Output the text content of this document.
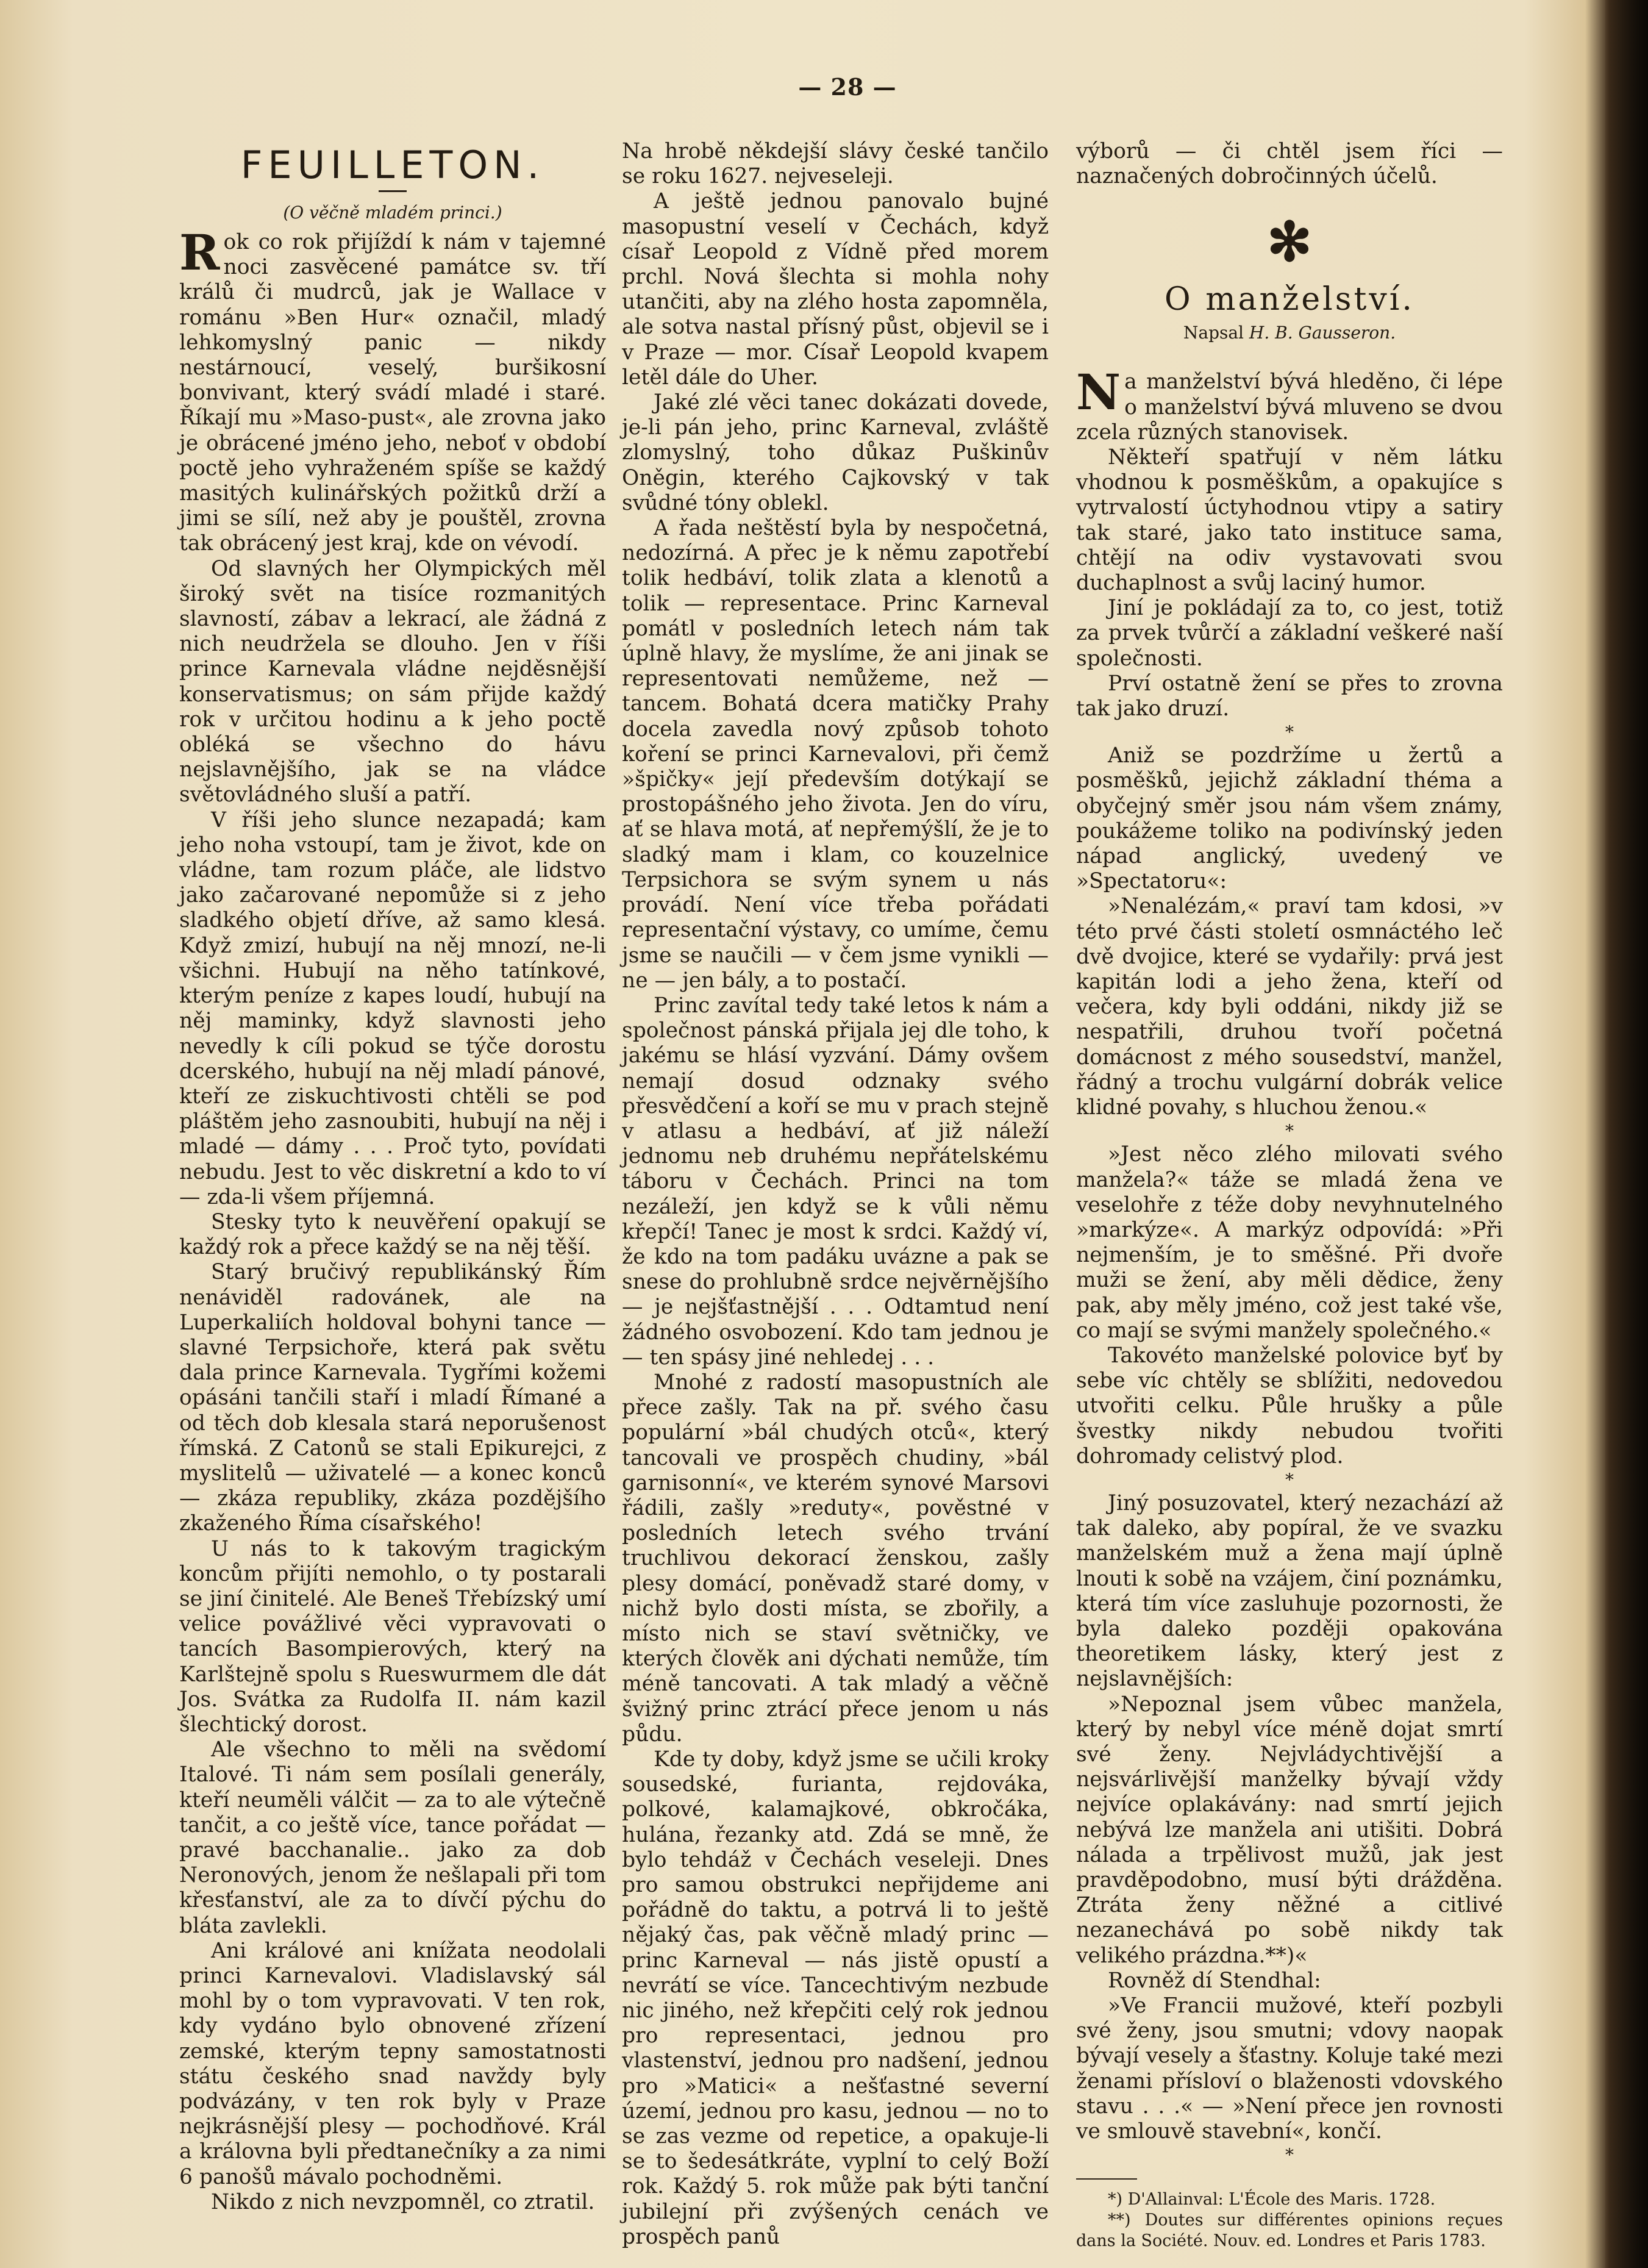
— 28 —
FEUILLETON.
(O věčně mladém princi.)

Rok co rok přijíždí k nám v tajemné noci zasvěcené památce sv. tří králů či mudrců, jak je Wallace v románu »Ben Hur« označil, mladý lehkomyslný panic — nikdy nestárnoucí, veselý, buršikosní bonvivant, který svádí mladé i staré. Říkají mu »Maso-pust«, ale zrovna jako je obrácené jméno jeho, neboť v období poctě jeho vyhraženém spíše se každý masitých kulinářských požitků drží a jimi se sílí, než aby je pouštěl, zrovna tak obrácený jest kraj, kde on vévodí.

Od slavných her Olympických měl široký svět na tisíce rozmanitých slavností, zábav a lekrací, ale žádná z nich neudržela se dlouho. Jen v říši prince Karnevala vládne nejděsnější konservatismus; on sám přijde každý rok v určitou hodinu a k jeho poctě obléká se všechno do hávu nejslavnějšího, jak se na vládce světovládného sluší a patří.

V říši jeho slunce nezapadá; kam jeho noha vstoupí, tam je život, kde on vládne, tam rozum pláče, ale lidstvo jako začarované nepomůže si z jeho sladkého objetí dříve, až samo klesá. Když zmizí, hubují na něj mnozí, ne-li všichni. Hubují na něho tatínkové, kterým peníze z kapes loudí, hubují na něj maminky, když slavnosti jeho nevedly k cíli pokud se týče dorostu dcerského, hubují na něj mladí pánové, kteří ze ziskuchtivosti chtěli se pod pláštěm jeho zasnoubiti, hubují na něj i mladé — dámy . . . Proč tyto, povídati nebudu. Jest to věc diskretní a kdo to ví — zda-li všem příjemná.

Stesky tyto k neuvěření opakují se každý rok a přece každý se na něj těší.

Starý bručivý republikánský Řím nenáviděl radovánek, ale na Luperkaliích holdoval bohyni tance — slavné Terpsichoře, která pak světu dala prince Karnevala. Tygřími kožemi opásáni tančili staří i mladí Římané a od těch dob klesala stará neporušenost římská. Z Catonů se stali Epikurejci, z myslitelů — uživatelé — a konec konců — zkáza republiky, zkáza pozdějšího zkaženého Říma císařského!

U nás to k takovým tragickým koncům přijíti nemohlo, o ty postarali se jiní činitelé. Ale Beneš Třebízský umí velice povážlivé věci vypravovati o tancích Basompierových, který na Karlštejně spolu s Rueswurmem dle dát Jos. Svátka za Rudolfa II. nám kazil šlechtický dorost.

Ale všechno to měli na svědomí Italové. Ti nám sem posílali generály, kteří neuměli válčit — za to ale výtečně tančit, a co ještě více, tance pořádat — pravé bacchanalie.. jako za dob Neronových, jenom že nešlapali při tom křesťanství, ale za to dívčí pýchu do bláta zavlekli.

Ani králové ani knížata neodolali princi Karnevalovi. Vladislavský sál mohl by o tom vypravovati. V ten rok, kdy vydáno bylo obnovené zřízení zemské, kterým tepny samostatnosti státu českého snad navždy byly podvázány, v ten rok byly v Praze nejkrásnější plesy — pochodňové. Král a královna byli předtanečníky a za nimi 6 panošů mávalo pochodněmi.

Nikdo z nich nevzpomněl, co ztratil.

Na hrobě někdejší slávy české tančilo se roku 1627. nejveseleji.

A ještě jednou panovalo bujné masopustní veselí v Čechách, když císař Leopold z Vídně před morem prchl. Nová šlechta si mohla nohy utančiti, aby na zlého hosta zapomněla, ale sotva nastal přísný půst, objevil se i v Praze — mor. Císař Leopold kvapem letěl dále do Uher.

Jaké zlé věci tanec dokázati dovede, je-li pán jeho, princ Karneval, zvláště zlomyslný, toho důkaz Puškinův Oněgin, kterého Cajkovský v tak svůdné tóny oblekl.

A řada neštěstí byla by nespočetná, nedozírná. A přec je k němu zapotřebí tolik hedbáví, tolik zlata a klenotů a tolik — representace. Princ Karneval pomátl v posledních letech nám tak úplně hlavy, že myslíme, že ani jinak se representovati nemůžeme, než — tancem. Bohatá dcera matičky Prahy docela zavedla nový způsob tohoto koření se princi Karnevalovi, při čemž »špičky« její především dotýkají se prostopášného jeho života. Jen do víru, ať se hlava motá, ať nepřemýšlí, že je to sladký mam i klam, co kouzelnice Terpsichora se svým synem u nás provádí. Není více třeba pořádati representační výstavy, co umíme, čemu jsme se naučili — v čem jsme vynikli — ne — jen bály, a to postačí.

Princ zavítal tedy také letos k nám a společnost pánská přijala jej dle toho, k jakému se hlásí vyzvání. Dámy ovšem nemají dosud odznaky svého přesvědčení a koří se mu v prach stejně v atlasu a hedbáví, ať již náleží jednomu neb druhému nepřátelskému táboru v Čechách. Princi na tom nezáleží, jen když se k vůli němu křepčí! Tanec je most k srdci. Každý ví, že kdo na tom padáku uvázne a pak se snese do prohlubně srdce nejvěrnějšího — je nejšťastnější . . . Odtamtud není žádného osvobození. Kdo tam jednou je — ten spásy jiné nehledej . . .

Mnohé z radostí masopustních ale přece zašly. Tak na př. svého času populární »bál chudých otců«, který tancovali ve prospěch chudiny, »bál garnisonní«, ve kterém synové Marsovi řádili, zašly »reduty«, pověstné v posledních letech svého trvání truchlivou dekorací ženskou, zašly plesy domácí, poněvadž staré domy, v nichž bylo dosti místa, se zbořily, a místo nich se staví světničky, ve kterých člověk ani dýchati nemůže, tím méně tancovati. A tak mladý a věčně švižný princ ztrácí přece jenom u nás půdu.

Kde ty doby, když jsme se učili kroky sousedské, furianta, rejdováka, polkové, kalamajkové, obkročáka, hulána, řezanky atd. Zdá se mně, že bylo tehdáž v Čechách veseleji. Dnes pro samou obstrukci nepřijdeme ani pořádně do taktu, a potrvá li to ještě nějaký čas, pak věčně mladý princ — princ Karneval — nás jistě opustí a nevrátí se více. Tancechtivým nezbude nic jiného, než křepčiti celý rok jednou pro representaci, jednou pro vlastenství, jednou pro nadšení, jednou pro »Matici« a nešťastné severní území, jednou pro kasu, jednou — no to se zas vezme od repetice, a opakuje-li se to šedesátkráte, vyplní to celý Boží rok. Každý 5. rok může pak býti tanční jubilejní při zvýšených cenách ve prospěch panů

výborů — či chtěl jsem říci — naznačených dobročinných účelů.

✻
O manželství.
Napsal H. B. Gausseron.

Na manželství bývá hleděno, či lépe o manželství bývá mluveno se dvou zcela různých stanovisek.

Někteří spatřují v něm látku vhodnou k posměškům, a opakujíce s vytrvalostí úctyhodnou vtipy a satiry tak staré, jako tato instituce sama, chtějí na odiv vystavovati svou duchaplnost a svůj laciný humor.

Jiní je pokládají za to, co jest, totiž za prvek tvůrčí a základní veškeré naší společnosti.

Prví ostatně žení se přes to zrovna tak jako druzí.

*

Aniž se pozdržíme u žertů a posměšků, jejichž základní théma a obyčejný směr jsou nám všem známy, poukážeme toliko na podivínský jeden nápad anglický, uvedený ve »Spectatoru«:

»Nenalézám,« praví tam kdosi, »v této prvé části století osmnáctého leč dvě dvojice, které se vydařily: prvá jest kapitán lodi a jeho žena, kteří od večera, kdy byli oddáni, nikdy již se nespatřili, druhou tvoří početná domácnost z mého sousedství, manžel, řádný a trochu vulgární dobrák velice klidné povahy, s hluchou ženou.«

*

»Jest něco zlého milovati svého manžela?« táže se mladá žena ve veselohře z téže doby nevyhnutelného »markýze«. A markýz odpovídá: »Při nejmenším, je to směšné. Při dvoře muži se žení, aby měli dědice, ženy pak, aby měly jméno, což jest také vše, co mají se svými manžely společného.«

Takovéto manželské polovice byť by sebe víc chtěly se sblížiti, nedovedou utvořiti celku. Půle hrušky a půle švestky nikdy nebudou tvořiti dohromady celistvý plod.

*

Jiný posuzovatel, který nezachází až tak daleko, aby popíral, že ve svazku manželském muž a žena mají úplně lnouti k sobě na vzájem, činí poznámku, která tím více zasluhuje pozornosti, že byla daleko později opakována theoretikem lásky, který jest z nejslavnějších:

»Nepoznal jsem vůbec manžela, který by nebyl více méně dojat smrtí své ženy. Nejvládychtivější a nejsvárlivější manželky bývají vždy nejvíce oplakávány: nad smrtí jejich nebývá lze manžela ani utišiti. Dobrá nálada a trpělivost mužů, jak jest pravděpodobno, musí býti drážděna. Ztráta ženy něžné a citlivé nezanechává po sobě nikdy tak velikého prázdna.**)«

Rovněž dí Stendhal:

»Ve Francii mužové, kteří pozbyli své ženy, jsou smutni; vdovy naopak bývají vesely a šťastny. Koluje také mezi ženami přísloví o blaženosti vdovského stavu . . .« — »Není přece jen rovnosti ve smlouvě stavební«, končí.

*

*) D'Allainval: L'École des Maris. 1728.

**) Doutes sur différentes opinions reçues dans la Société. Nouv. ed. Londres et Paris 1783.
